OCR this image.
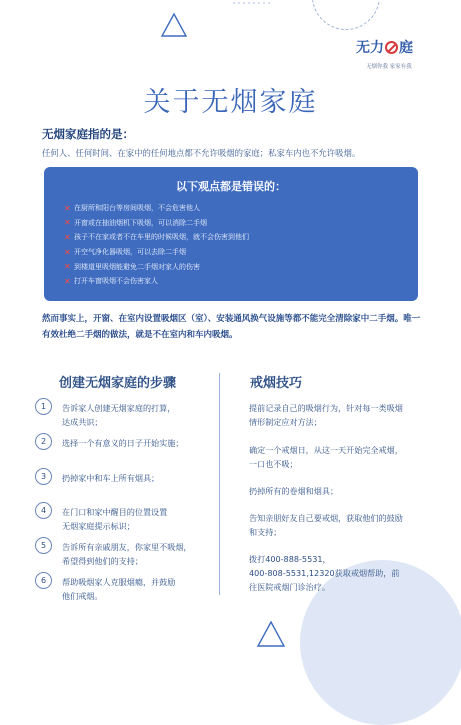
无力 庭
无烟你我 家家有我
关于无烟家庭
无烟家庭指的是：
任何人、任何时间、在家中的任何地点都不允许吸烟的家庭；私家车内也不允许吸烟。
以下观点都是错误的：
✕ 在厨所和阳台等房间吸烟，不会危害他人
✕ 开窗或在抽油烟机下吸烟，可以消除二手烟
✕ 孩子不在家或者不在车里的时候吸烟，就不会伤害到他们
✕ 开空气净化器吸烟，可以去除二手烟
✕ 到楼道里吸烟能避免二手烟对家人的伤害
✕ 打开车窗吸烟不会伤害家人
然而事实上，开窗、在室内设置吸烟区（室）、安装通风换气设施等都不能完全清除家中二手烟。唯一有效杜绝二手烟的做法，就是不在室内和车内吸烟。
创建无烟家庭的步骤	戒烟技巧
1	告诉家人创建无烟家庭的打算，
达成共识；
2	选择一个有意义的日子开始实施；
3	扔掉家中和车上所有烟具；
4	在门口和家中醒目的位置设置
无烟家庭提示标识；
5	告诉所有亲戚朋友，你家里不吸烟，
希望得到他们的支持；
6	帮助吸烟家人克服烟瘾，并鼓励
他们戒烟。
提前记录自己的吸烟行为，针对每一类吸烟
情形制定应对方法；
确定一个戒烟日，从这一天开始完全戒烟，
一口也不吸；
扔掉所有的卷烟和烟具；
告知亲朋好友自己要戒烟，获取他们的鼓励
和支持；
拨打400-888-5531，
400-808-5531,12320获取戒烟帮助，前
往医院戒烟门诊治疗。
